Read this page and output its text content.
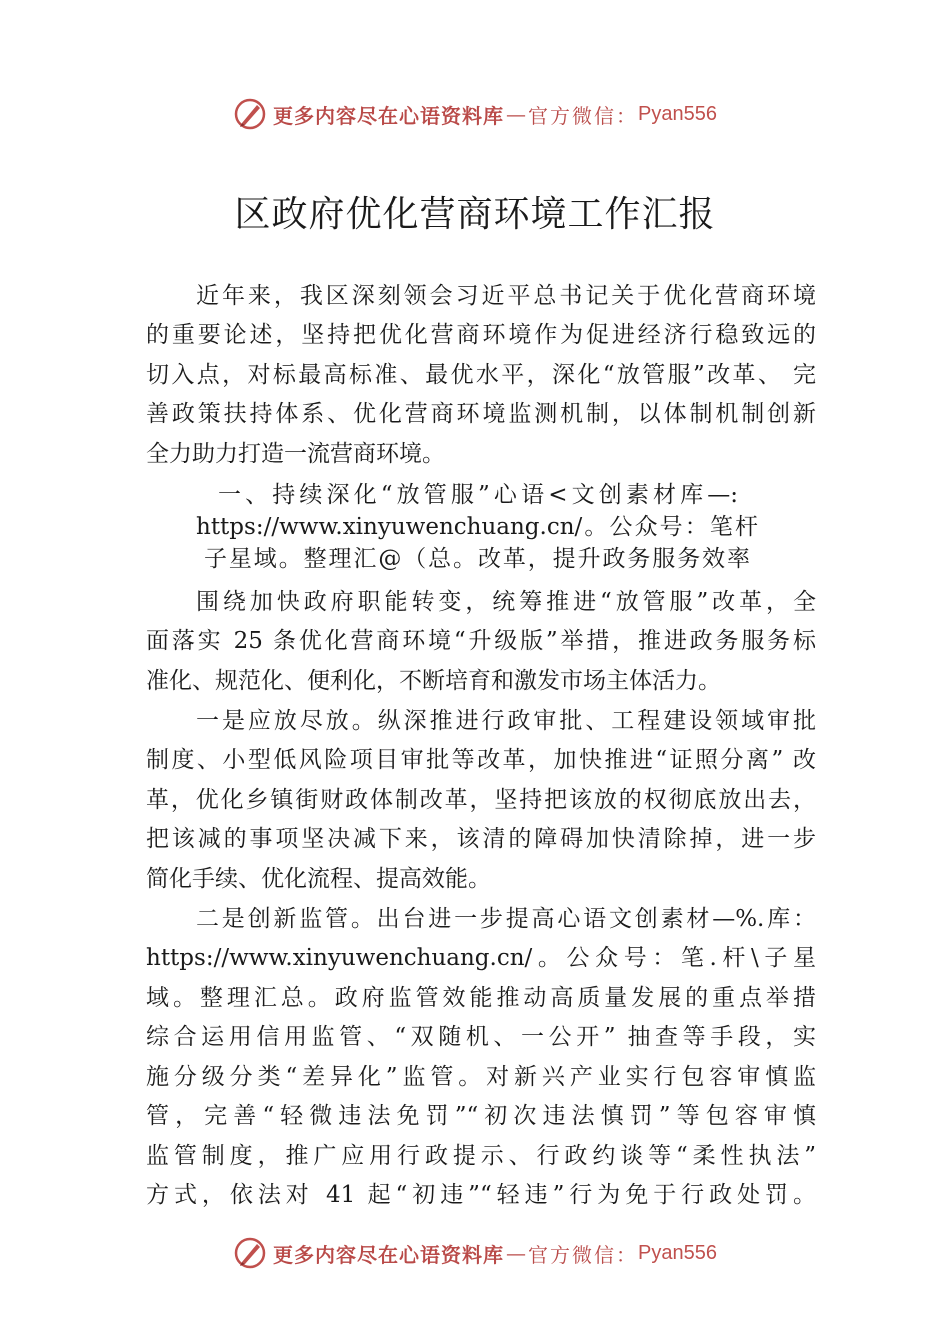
更多内容尽在心语资料库 — 官方微信： Pyan556
区政府优化营商环境工作汇报

近年来，我区深刻领会习近平总书记关于优化营商环境

的重要论述，坚持把优化营商环境作为促进经济行稳致远的

切入点，对标最高标准、最优水平，深化“放管服”改革、 完

善政策扶持体系、优化营商环境监测机制，以体制机制创新

全力助力打造一流营商环境。

一、持续深化“放管服”心语<文创素材库—:

https://www.xinyuwenchuang.cn/。公众号：笔杆

子星域。整理汇@（总。改革，提升政务服务效率

围绕加快政府职能转变，统筹推进“放管服”改革，全

面落实 25 条优化营商环境“升级版”举措，推进政务服务标

准化、规范化、便利化，不断培育和激发市场主体活力。

一是应放尽放。纵深推进行政审批、工程建设领域审批

制度、小型低风险项目审批等改革，加快推进“证照分离” 改

革，优化乡镇街财政体制改革，坚持把该放的权彻底放出去，

把该减的事项坚决减下来，该清的障碍加快清除掉，进一步

简化手续、优化流程、提高效能。

二是创新监管。出台进一步提高心语文创素材—%.库：

https://www.xinyuwenchuang.cn/。公众号：笔.杆\子星

域。整理汇总。政府监管效能推动高质量发展的重点举措

综合运用信用监管、“双随机、一公开” 抽查等手段，实

施分级分类“差异化”监管。对新兴产业实行包容审慎监

管，完善“轻微违法免罚”“初次违法慎罚”等包容审慎

监管制度，推广应用行政提示、行政约谈等“柔性执法”

方式，依法对 41 起“初违”“轻违”行为免于行政处罚。

更多内容尽在心语资料库 — 官方微信： Pyan556
